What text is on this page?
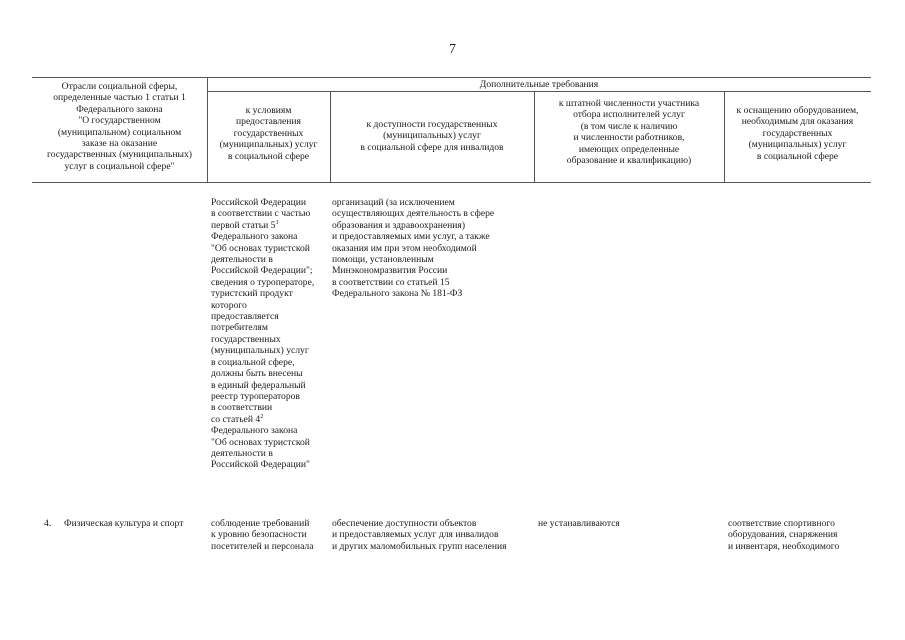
7
Отрасли социальной сферы,
определенные частью 1 статьи 1
Федерального закона
"О государственном
(муниципальном) социальном
заказе на оказание
государственных (муниципальных)
услуг в социальной сфере"
Дополнительные требования
к условиям
предоставления
государственных
(муниципальных) услуг
в социальной сфере
к доступности государственных
(муниципальных) услуг
в социальной сфере для инвалидов
к штатной численности участника
отбора исполнителей услуг
(в том числе к наличию
и численности работников,
имеющих определенные
образование и квалификацию)
к оснащению оборудованием,
необходимым для оказания
государственных
(муниципальных) услуг
в социальной сфере
Российской Федерации
в соответствии с частью
первой статьи $5^1$
Федерального закона
"Об основах туристской
деятельности в
Российской Федерации";
сведения о туроператоре,
туристский продукт
которого
предоставляется
потребителям
государственных
(муниципальных) услуг
в социальной сфере,
должны быть внесены
в единый федеральный
реестр туроператоров
в соответствии
со статьей $4^2$
Федерального закона
"Об основах туристской
деятельности в
Российской Федерации"
организаций (за исключением
осуществляющих деятельность в сфере
образования и здравоохранения)
и предоставляемых ими услуг, а также
оказания им при этом необходимой
помощи, установленным
Минэкономразвития России
в соответствии со статьей 15
Федерального закона № 181-ФЗ
4. Физическая культура и спорт	соблюдение требований
к уровню безопасности
посетителей и персонала
обеспечение доступности объектов
и предоставляемых услуг для инвалидов
и других маломобильных групп населения
не устанавливаются	соответствие спортивного
оборудования, снаряжения
и инвентаря, необходимого
